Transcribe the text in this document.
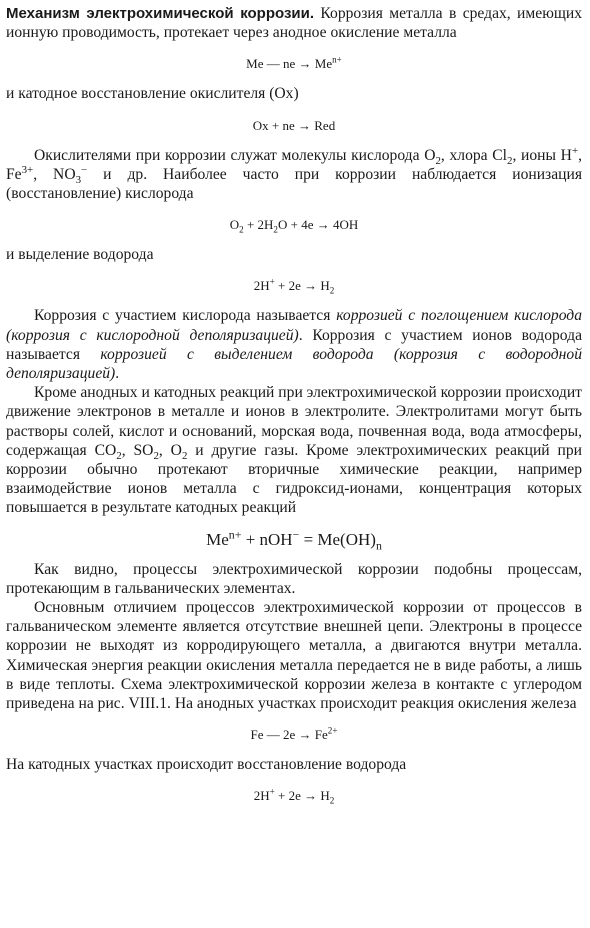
Механизм электрохимической коррозии. Коррозия металла в средах, имеющих ионную проводимость, протекает через анодное окисление металла

Me — ne → $Me^{n+}$

и катодное восстановление окислителя (Ox)

Ox + ne → Red

Окислителями при коррозии служат молекулы кислорода $O_2$, хлора $Cl_2$, ионы H+, $Fe^{3+}$, $NO_3^-$ и др. Наиболее часто при коррозии наблюдается ионизация (восстановление) кислорода

$O_2 + 2H_2O + 4e \to 4OH$

и выделение водорода

$2H^+ + 2e \to H_2$

Коррозия с участием кислорода называется коррозией с поглощением кислорода (коррозия с кислородной деполяризацией). Коррозия с участием ионов водорода называется коррозией с выделением водорода (коррозия с водородной деполяризацией).

Кроме анодных и катодных реакций при электрохимической коррозии происходит движение электронов в металле и ионов в электролите. Электролитами могут быть растворы солей, кислот и оснований, морская вода, почвенная вода, вода атмосферы, содержащая $CO_2$, $SO_2$, $O_2$ и другие газы. Кроме электрохимических реакций при коррозии обычно протекают вторичные химические реакции, например взаимодействие ионов металла с гидроксид-ионами, концентрация которых повышается в результате катодных реакций

$Me^{n+} + nOH^- = Me(OH)_n$

Как видно, процессы электрохимической коррозии подобны процессам, протекающим в гальванических элементах.

Основным отличием процессов электрохимической коррозии от процессов в гальваническом элементе является отсутствие внешней цепи. Электроны в процессе коррозии не выходят из корродирующего металла, а двигаются внутри металла. Химическая энергия реакции окисления металла передается не в виде работы, а лишь в виде теплоты. Схема электрохимической коррозии железа в контакте с углеродом приведена на рис. VIII.1. На анодных участках происходит реакция окисления железа

Fe — $2e \to Fe^{2+}$

На катодных участках происходит восстановление водорода

$2H^+ + 2e \to H_2$
